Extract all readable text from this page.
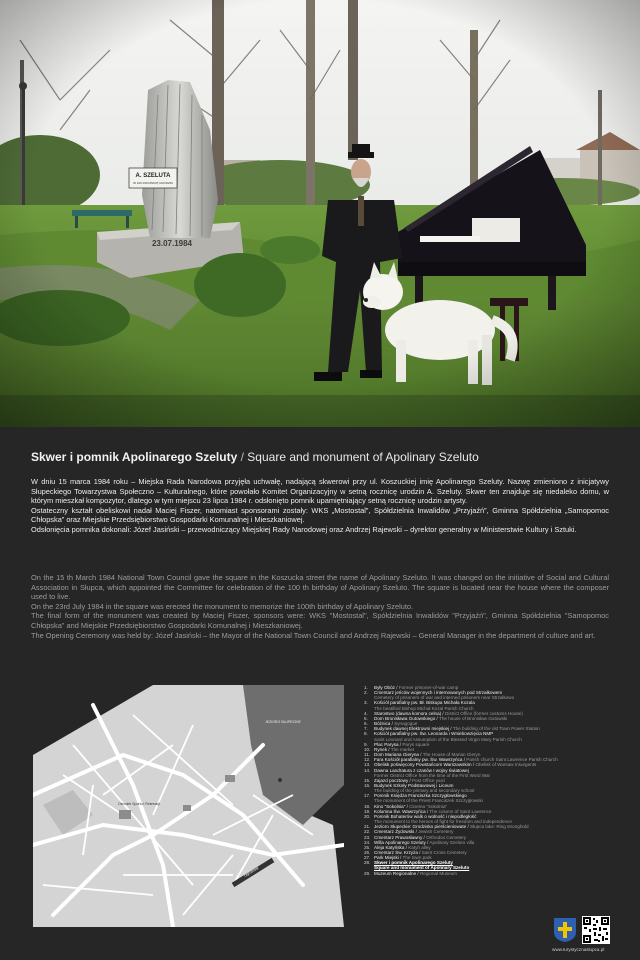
Skwer i pomnik Apolinarego Szeluty / Square and monument of Apolinary Szeluto

W dniu 15 marca 1984 roku – Miejska Rada Narodowa przyjęła uchwałę, nadającą skwerowi przy ul. Koszuckiej imię Apolinarego Szeluty. Nazwę zmieniono z inicjatywy Słupeckiego Towarzystwa Społeczno – Kulturalnego, które powołało Komitet Organizacyjny w setną rocznicę urodzin A. Szeluty. Skwer ten znajduje się niedaleko domu, w którym mieszkał kompozytor, dlatego w tym miejscu 23 lipca 1984 r. odsłonięto pomnik upamiętniający setną rocznicę urodzin artysty.

Ostateczny kształt obeliskowi nadał Maciej Fiszer, natomiast sponsorami zostały: WKS „Mostostal”, Spółdzielnia Inwalidów „Przyjaźń”, Gminna Spółdzielnia „Samopomoc Chłopska” oraz Miejskie Przedsiębiorstwo Gospodarki Komunalnej i Mieszkaniowej.

Odsłonięcia pomnika dokonali: Józef Jasiński – przewodniczący Miejskiej Rady Narodowej oraz Andrzej Rajewski – dyrektor generalny w Ministerstwie Kultury i Sztuki.

On the 15 th March 1984 National Town Council gave the square in the Koszucka street the name of Apolinary Szeluto. It was changed on the initiative of Social and Cultural Association in Słupca, which appointed the Committee for celebration of the 100 th birthday of Apolinary Szeluto. The square is located near the house where the composer used to live.

On the 23rd July 1984 in the square was erected the monument to memorize the 100th birthday of Apolinary Szeluto.

The final form of the monument was created by Maciej Fiszer, sponsors were: WKS "Mostostal", Spółdzielnia Inwalidów "Przyjaźń", Gminna Spółdzielnia "Samopomoc Chłopska" and Miejskie Przedsiębiorstwo Gospodarki Komunalnej i Mieszkaniowej.

The Opening Ceremony was held by: Józef Jasiński – the Mayor of the National Town Council and Andrzej Rajewski – General Manager in the department of culture and art.

JEZIORO SŁUPECKIE
Ośrodek Sportu i Rekreacji
Ogrodowa
1.	Były Obóz / Former prisoner-of-war camp
2.	Cmentarz jeńców wojennych i internowanych pod Strzałkowem
Cemetery of prisoners of war and interned prisoners near Strzałkowo
3.	Kościół parafialny pw. Bł. Biskupa Michała Kozala
The beatified Bishop Michał Kozal Parish Church
4.	Starostwo (dawna komora celna) / District Office (former customs House)
5.	Dom Bronisława Gutowskiego / The house of Bronisław Gutowski
6.	Bóżnica / Synagogue
7.	Budynek dawnej Elektrowni miejskiej / The building of the old Town Power Station
8.	Kościół parafialny pw. Św. Leonarda i Wniebowzięcia NMP
Saint Leonard and Assumption of the Blessed Virgin Mary Parish Church
9.	Plac Parysa / Parys square
10. Rynek / The market
11. Dom Mariana Gieryna / The House of Marian Gieryn
12. Fara Kościół parafialny pw. Św. Wawrzyńca / Parish church Saint Lawrence Parish Church
13. Obelisk poświęcony Powstańcom Warszawskim / Obelisk of Warsaw Insurgents
14. Dawna Landratura z czasów I wojny światowej
Former District Office from the time of the First Word War
15. Zajazd pocztowy / Post Office yard
16. Budynek Szkoły Podstawowej i Liceum
The building of the primary and secondary school
17. Pomnik Księdza Franciszka Szczygłowskiego
The monument of the Priest Franciszek Szczygłowski
18. Kino "Sokolnia" / Cinema "Sokolnia"
19. Kolumna Św. Wawrzyńca / The column of Saint Lawrence
20. Pomnik Bohaterów walk o wolność i niepodległość
The monument to the heroes of fight for freedom and independence
21. Jezioro Słupeckie: Grodzisko pierścieniowate / Słupca lake: Ring stronghold
22. Cmentarz Żydowski / Jewish Cemetery
23. Cmentarz Prawosławny / Orthodox Cemetery
24. Willa Apolinarego Szeluty / Apolinary Szeluto villa
25. Aleja Katyńska / Katyń alley
26. Cmentarz Św. Krzyża / Saint Cross Cemetery
27. Park Miejski / The town park
28. Skwer i pomnik Apolinarego Szeluty
Square and monument of Apolinary Szeluto
29. Muzeum Regionalne / Regional Museum
www.turystycznaslupca.pl
